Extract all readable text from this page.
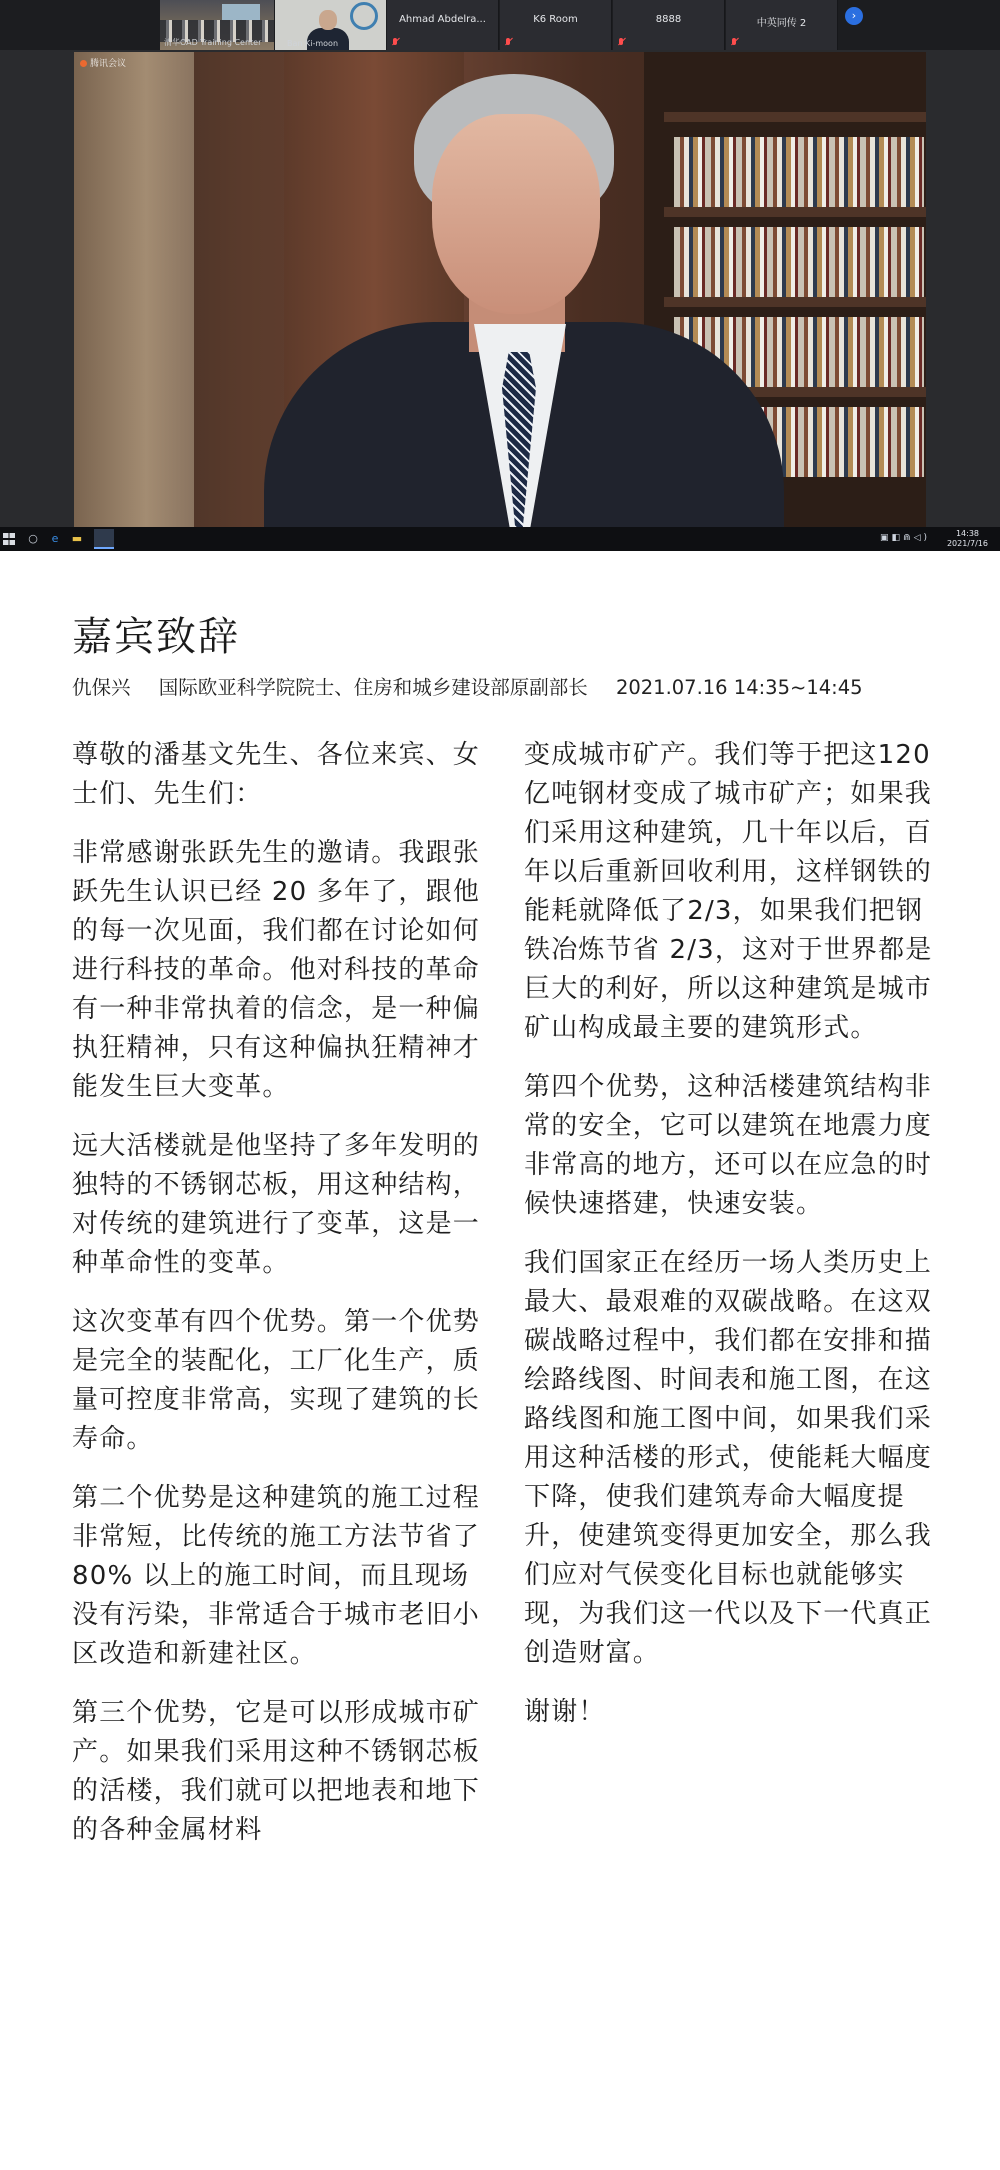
清华OAD Training Center	Ban Ki-moon
Ahmad Abdelra...	K6 Room	8888	中英同传 2
›
腾讯会议
○	e	▬	▣◧⋒◁)	14:38
2021/7/16
嘉宾致辞
仇保兴 国际欧亚科学院院士、住房和城乡建设部原副部长 2021.07.16 14:35~14:45

尊敬的潘基文先生、各位来宾、女士们、先生们：

非常感谢张跃先生的邀请。我跟张跃先生认识已经 20 多年了，跟他的每一次见面，我们都在讨论如何进行科技的革命。他对科技的革命有一种非常执着的信念，是一种偏执狂精神，只有这种偏执狂精神才能发生巨大变革。

远大活楼就是他坚持了多年发明的独特的不锈钢芯板，用这种结构，对传统的建筑进行了变革，这是一种革命性的变革。

这次变革有四个优势。第一个优势是完全的装配化，工厂化生产，质量可控度非常高，实现了建筑的长寿命。

第二个优势是这种建筑的施工过程非常短，比传统的施工方法节省了 80% 以上的施工时间，而且现场没有污染，非常适合于城市老旧小区改造和新建社区。

第三个优势，它是可以形成城市矿产。如果我们采用这种不锈钢芯板的活楼，我们就可以把地表和地下的各种金属材料

变成城市矿产。我们等于把这120亿吨钢材变成了城市矿产；如果我们采用这种建筑，几十年以后，百年以后重新回收利用，这样钢铁的能耗就降低了2/3，如果我们把钢铁冶炼节省 2/3，这对于世界都是巨大的利好，所以这种建筑是城市矿山构成最主要的建筑形式。

第四个优势，这种活楼建筑结构非常的安全，它可以建筑在地震力度非常高的地方，还可以在应急的时候快速搭建，快速安装。

我们国家正在经历一场人类历史上最大、最艰难的双碳战略。在这双碳战略过程中，我们都在安排和描绘路线图、时间表和施工图，在这路线图和施工图中间，如果我们采用这种活楼的形式，使能耗大幅度下降，使我们建筑寿命大幅度提升，使建筑变得更加安全，那么我们应对气侯变化目标也就能够实现，为我们这一代以及下一代真正创造财富。

谢谢！
